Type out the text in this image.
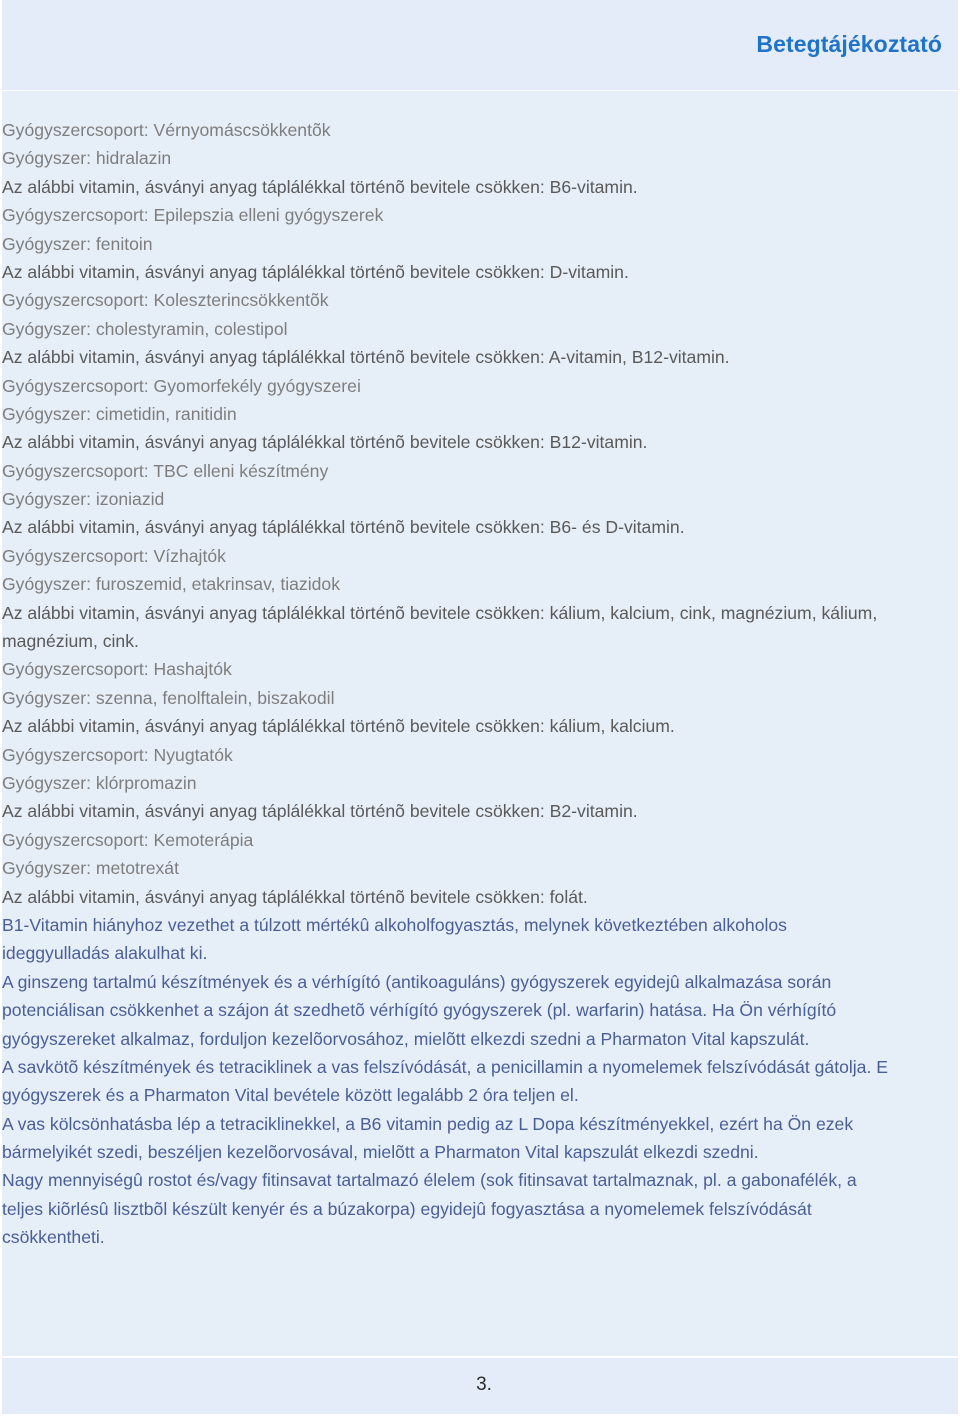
Betegtájékoztató
Gyógyszercsoport: Vérnyomáscsökkentõk
Gyógyszer: hidralazin
Az alábbi vitamin, ásványi anyag táplálékkal történõ bevitele csökken: B6-vitamin.
Gyógyszercsoport: Epilepszia elleni gyógyszerek
Gyógyszer: fenitoin
Az alábbi vitamin, ásványi anyag táplálékkal történõ bevitele csökken: D-vitamin.
Gyógyszercsoport: Koleszterincsökkentõk
Gyógyszer: cholestyramin, colestipol
Az alábbi vitamin, ásványi anyag táplálékkal történõ bevitele csökken: A-vitamin, B12-vitamin.
Gyógyszercsoport: Gyomorfekély gyógyszerei
Gyógyszer: cimetidin, ranitidin
Az alábbi vitamin, ásványi anyag táplálékkal történõ bevitele csökken: B12-vitamin.
Gyógyszercsoport: TBC elleni készítmény
Gyógyszer: izoniazid
Az alábbi vitamin, ásványi anyag táplálékkal történõ bevitele csökken: B6- és D-vitamin.
Gyógyszercsoport: Vízhajtók
Gyógyszer: furoszemid, etakrinsav, tiazidok
Az alábbi vitamin, ásványi anyag táplálékkal történõ bevitele csökken: kálium, kalcium, cink, magnézium, kálium,
magnézium, cink.
Gyógyszercsoport: Hashajtók
Gyógyszer: szenna, fenolftalein, biszakodil
Az alábbi vitamin, ásványi anyag táplálékkal történõ bevitele csökken: kálium, kalcium.
Gyógyszercsoport: Nyugtatók
Gyógyszer: klórpromazin
Az alábbi vitamin, ásványi anyag táplálékkal történõ bevitele csökken: B2-vitamin.
Gyógyszercsoport: Kemoterápia
Gyógyszer: metotrexát
Az alábbi vitamin, ásványi anyag táplálékkal történõ bevitele csökken: folát.
B1-Vitamin hiányhoz vezethet a túlzott mértékû alkoholfogyasztás, melynek következtében alkoholos
ideggyulladás alakulhat ki.
A ginszeng tartalmú készítmények és a vérhígító (antikoaguláns) gyógyszerek egyidejû alkalmazása során
potenciálisan csökkenhet a szájon át szedhetõ vérhígító gyógyszerek (pl. warfarin) hatása. Ha Ön vérhígító
gyógyszereket alkalmaz, forduljon kezelõorvosához, mielõtt elkezdi szedni a Pharmaton Vital kapszulát.
A savkötõ készítmények és tetraciklinek a vas felszívódását, a penicillamin a nyomelemek felszívódását gátolja. E
gyógyszerek és a Pharmaton Vital bevétele között legalább 2 óra teljen el.
A vas kölcsönhatásba lép a tetraciklinekkel, a B6 vitamin pedig az L Dopa készítményekkel, ezért ha Ön ezek
bármelyikét szedi, beszéljen kezelõorvosával, mielõtt a Pharmaton Vital kapszulát elkezdi szedni.
Nagy mennyiségû rostot és/vagy fitinsavat tartalmazó élelem (sok fitinsavat tartalmaznak, pl. a gabonafélék, a
teljes kiõrlésû lisztbõl készült kenyér és a búzakorpa) egyidejû fogyasztása a nyomelemek felszívódását
csökkentheti.
3.
